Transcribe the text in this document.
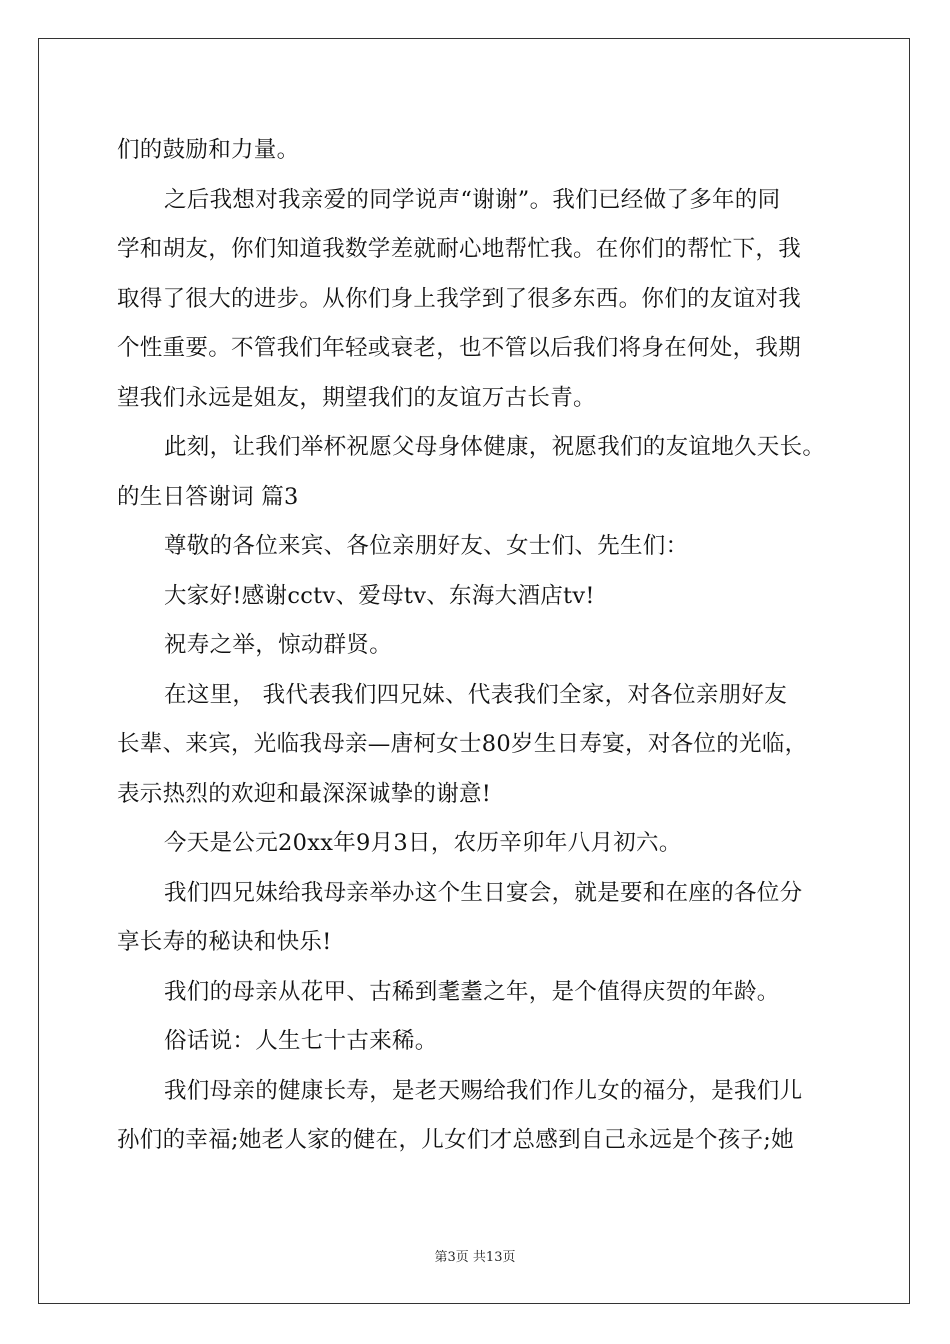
们的鼓励和力量。
之后我想对我亲爱的同学说声“谢谢”。我们已经做了多年的同
学和胡友，你们知道我数学差就耐心地帮忙我。在你们的帮忙下，我
取得了很大的进步。从你们身上我学到了很多东西。你们的友谊对我
个性重要。不管我们年轻或衰老，也不管以后我们将身在何处，我期
望我们永远是姐友，期望我们的友谊万古长青。
此刻，让我们举杯祝愿父母身体健康，祝愿我们的友谊地久天长。
的生日答谢词 篇3
尊敬的各位来宾、各位亲朋好友、女士们、先生们：
大家好!感谢cctv、爱母tv、东海大酒店tv!
祝寿之举，惊动群贤。
在这里， 我代表我们四兄妹、代表我们全家，对各位亲朋好友
长辈、来宾，光临我母亲—唐柯女士80岁生日寿宴，对各位的光临，
表示热烈的欢迎和最深深诚挚的谢意!
今天是公元20xx年9月3日，农历辛卯年八月初六。
我们四兄妹给我母亲举办这个生日宴会，就是要和在座的各位分
享长寿的秘诀和快乐!
我们的母亲从花甲、古稀到耄耋之年，是个值得庆贺的年龄。
俗话说：人生七十古来稀。
我们母亲的健康长寿，是老天赐给我们作儿女的福分，是我们儿
孙们的幸福;她老人家的健在，儿女们才总感到自己永远是个孩子;她
第3页 共13页
